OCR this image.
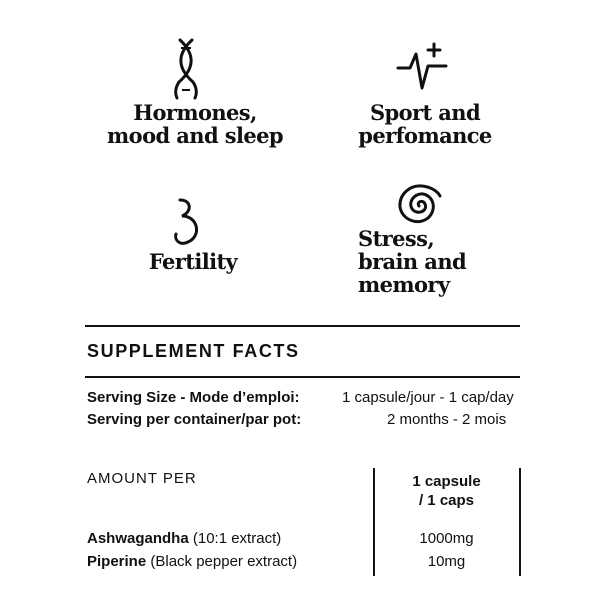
Hormones,
mood and sleep
Sport and
perfomance
Fertility
Stress,
brain and
memory
SUPPLEMENT FACTS
Serving Size - Mode d’emploi:	1 capsule/jour - 1 cap/day
Serving per container/par pot:	2 months - 2 mois
AMOUNT PER	1 capsule
/ 1 caps
Ashwagandha (10:1 extract)	1000mg
Piperine (Black pepper extract)	10mg
